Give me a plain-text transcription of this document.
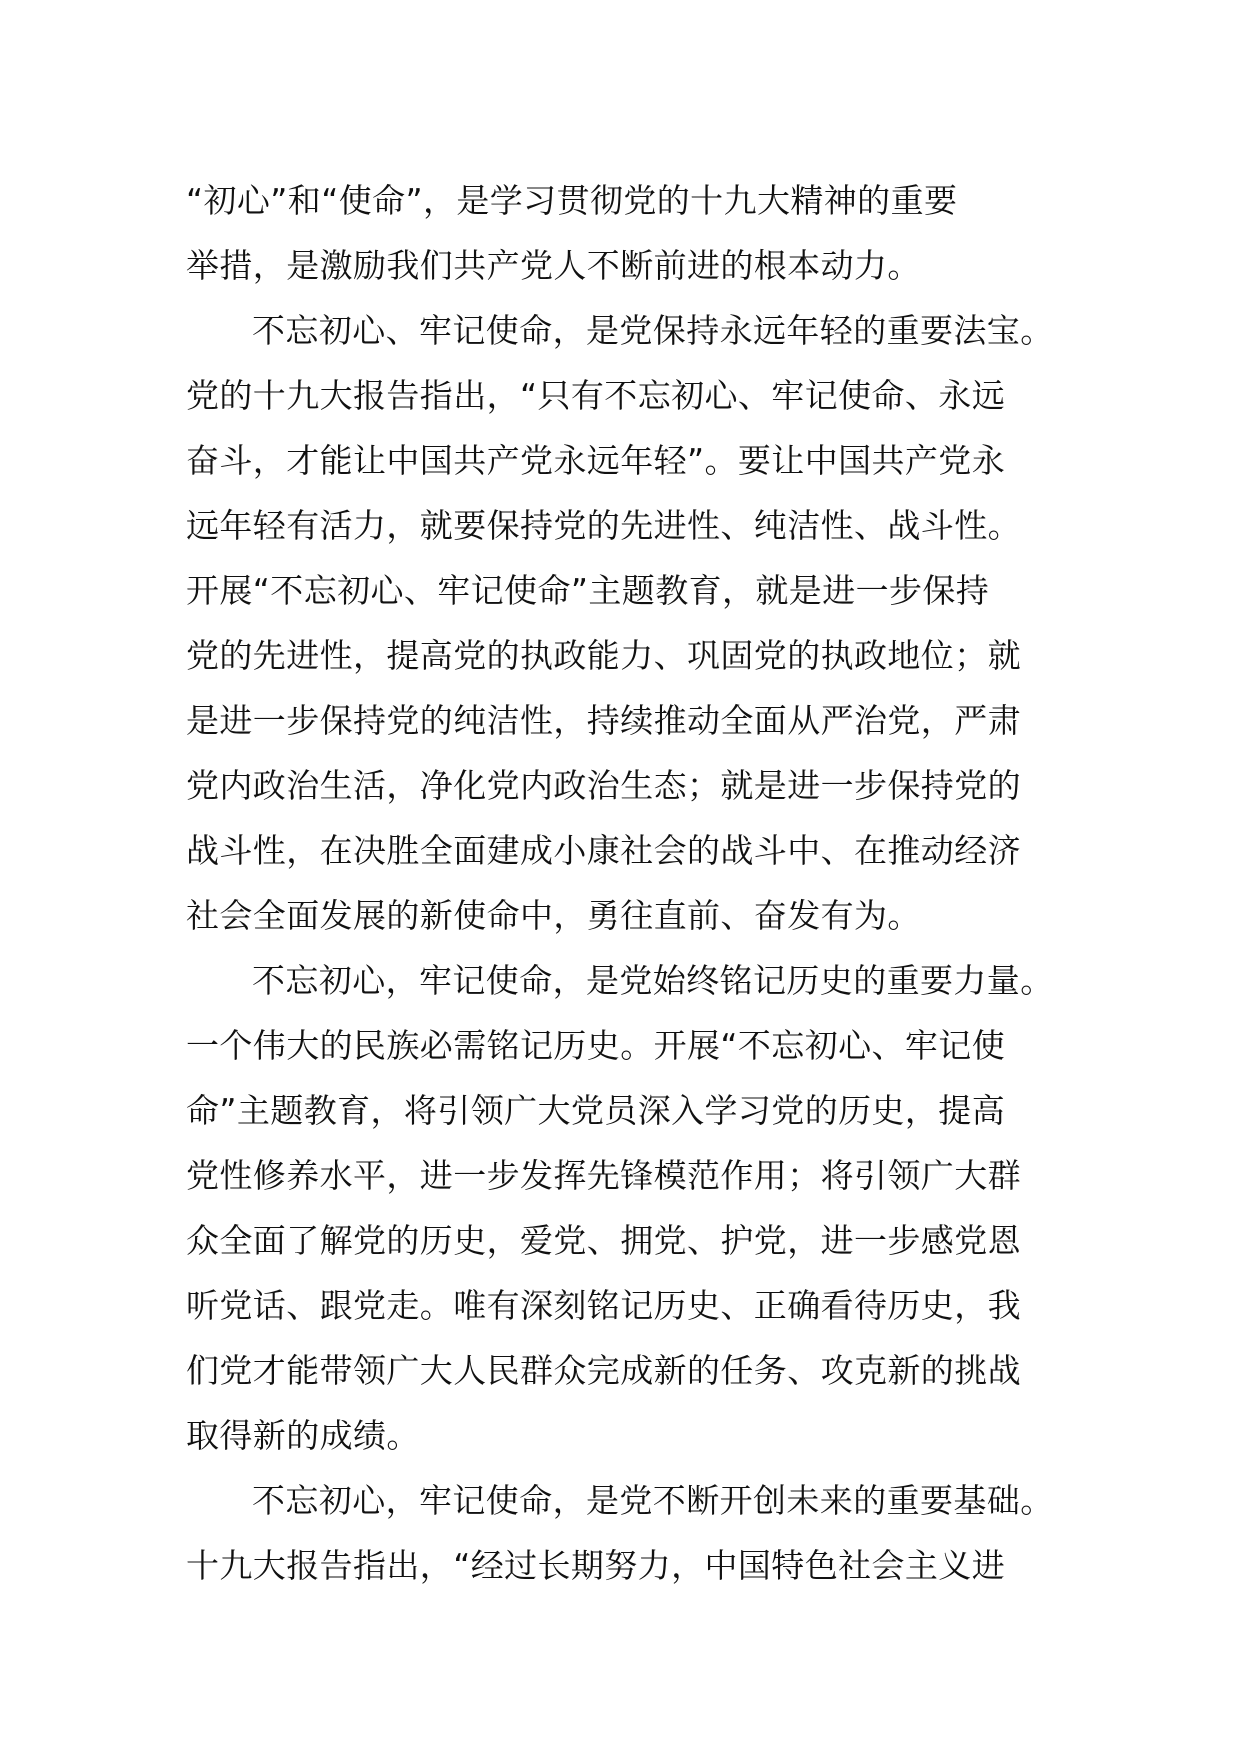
“初心”和“使命”，是学习贯彻党的十九大精神的重要
举措，是激励我们共产党人不断前进的根本动力。
不忘初心、牢记使命，是党保持永远年轻的重要法宝。
党的十九大报告指出，“只有不忘初心、牢记使命、永远
奋斗，才能让中国共产党永远年轻”。要让中国共产党永
远年轻有活力，就要保持党的先进性、纯洁性、战斗性。
开展“不忘初心、牢记使命”主题教育，就是进一步保持
党的先进性，提高党的执政能力、巩固党的执政地位；就
是进一步保持党的纯洁性，持续推动全面从严治党，严肃
党内政治生活，净化党内政治生态；就是进一步保持党的
战斗性，在决胜全面建成小康社会的战斗中、在推动经济
社会全面发展的新使命中，勇往直前、奋发有为。
不忘初心，牢记使命，是党始终铭记历史的重要力量。
一个伟大的民族必需铭记历史。开展“不忘初心、牢记使
命”主题教育，将引领广大党员深入学习党的历史，提高
党性修养水平，进一步发挥先锋模范作用；将引领广大群
众全面了解党的历史，爱党、拥党、护党，进一步感党恩
听党话、跟党走。唯有深刻铭记历史、正确看待历史，我
们党才能带领广大人民群众完成新的任务、攻克新的挑战
取得新的成绩。
不忘初心，牢记使命，是党不断开创未来的重要基础。
十九大报告指出，“经过长期努力，中国特色社会主义进
